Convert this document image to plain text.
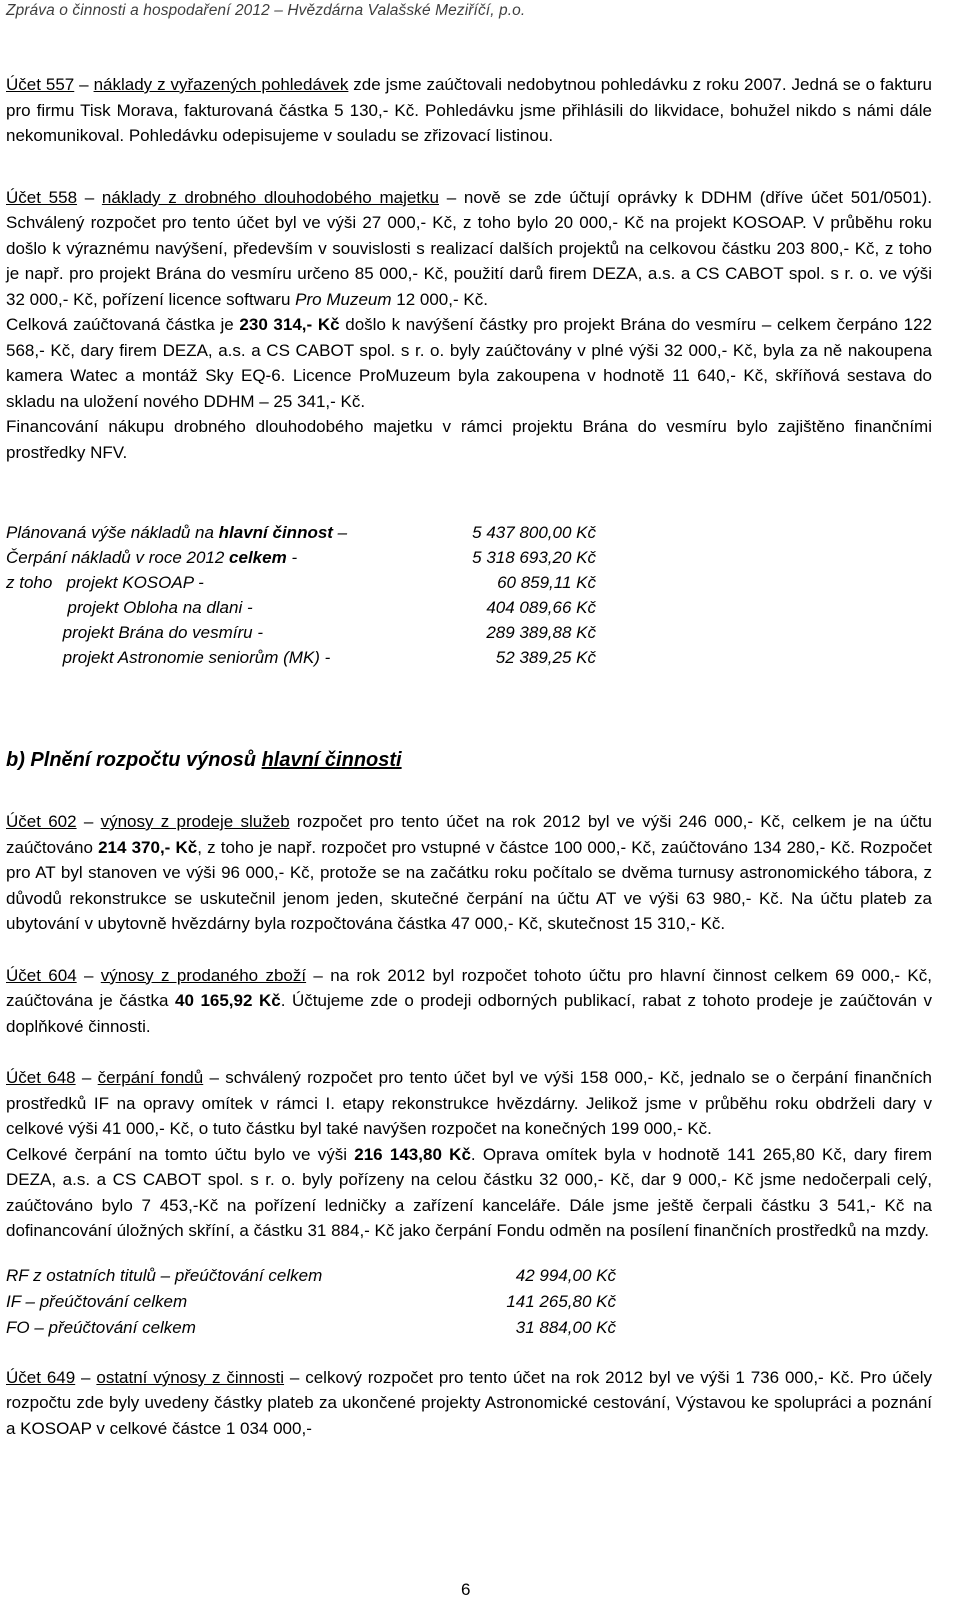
Zpráva o činnosti a hospodaření 2012 – Hvězdárna Valašské Meziříčí, p.o.

Účet 557 – náklady z vyřazených pohledávek zde jsme zaúčtovali nedobytnou pohledávku z roku 2007. Jedná se o fakturu pro firmu Tisk Morava, fakturovaná částka 5 130,- Kč. Pohledávku jsme přihlásili do likvidace, bohužel nikdo s námi dále nekomunikoval. Pohledávku odepisujeme v souladu se zřizovací listinou.

Účet 558 – náklady z drobného dlouhodobého majetku – nově se zde účtují oprávky k DDHM (dříve účet 501/0501). Schválený rozpočet pro tento účet byl ve výši 27 000,- Kč, z toho bylo 20 000,- Kč na projekt KOSOAP. V průběhu roku došlo k výraznému navýšení, především v souvislosti s realizací dalších projektů na celkovou částku 203 800,- Kč, z toho je např. pro projekt Brána do vesmíru určeno 85 000,- Kč, použití darů firem DEZA, a.s. a CS CABOT spol. s r. o. ve výši 32 000,- Kč, pořízení licence softwaru Pro Muzeum 12 000,- Kč.

Celková zaúčtovaná částka je 230 314,- Kč došlo k navýšení částky pro projekt Brána do vesmíru – celkem čerpáno 122 568,- Kč, dary firem DEZA, a.s. a CS CABOT spol. s r. o. byly zaúčtovány v plné výši 32 000,- Kč, byla za ně nakoupena kamera Watec a montáž Sky EQ-6. Licence ProMuzeum byla zakoupena v hodnotě 11 640,- Kč, skříňová sestava do skladu na uložení nového DDHM – 25 341,- Kč.

Financování nákupu drobného dlouhodobého majetku v rámci projektu Brána do vesmíru bylo zajištěno finančními prostředky NFV.

Plánovaná výše nákladů na hlavní činnost –	5 437 800,00 Kč
Čerpání nákladů v roce 2012 celkem -	5 318 693,20 Kč
z toho   projekt KOSOAP -	60 859,11 Kč
projekt Obloha na dlani -	404 089,66 Kč
projekt Brána do vesmíru -	289 389,88 Kč
projekt Astronomie seniorům (MK) -	52 389,25 Kč

b) Plnění rozpočtu výnosů hlavní činnosti

Účet 602 – výnosy z prodeje služeb rozpočet pro tento účet na rok 2012 byl ve výši 246 000,- Kč, celkem je na účtu zaúčtováno 214 370,- Kč, z toho je např. rozpočet pro vstupné v částce 100 000,- Kč, zaúčtováno 134 280,- Kč. Rozpočet pro AT byl stanoven ve výši 96 000,- Kč, protože se na začátku roku počítalo se dvěma turnusy astronomického tábora, z důvodů rekonstrukce se uskutečnil jenom jeden, skutečné čerpání na účtu AT ve výši 63 980,- Kč. Na účtu plateb za ubytování v ubytovně hvězdárny byla rozpočtována částka 47 000,- Kč, skutečnost 15 310,- Kč.

Účet 604 – výnosy z prodaného zboží – na rok 2012 byl rozpočet tohoto účtu pro hlavní činnost celkem 69 000,- Kč, zaúčtována je částka 40 165,92 Kč. Účtujeme zde o prodeji odborných publikací, rabat z tohoto prodeje je zaúčtován v doplňkové činnosti.

Účet 648 – čerpání fondů – schválený rozpočet pro tento účet byl ve výši 158 000,- Kč, jednalo se o čerpání finančních prostředků IF na opravy omítek v rámci I. etapy rekonstrukce hvězdárny. Jelikož jsme v průběhu roku obdrželi dary v celkové výši 41 000,- Kč, o tuto částku byl také navýšen rozpočet na konečných 199 000,- Kč.

Celkové čerpání na tomto účtu bylo ve výši 216 143,80 Kč. Oprava omítek byla v hodnotě 141 265,80 Kč, dary firem DEZA, a.s. a CS CABOT spol. s r. o. byly pořízeny na celou částku 32 000,- Kč, dar 9 000,- Kč jsme nedočerpali celý, zaúčtováno bylo 7 453,-Kč na pořízení ledničky a zařízení kanceláře. Dále jsme ještě čerpali částku 3 541,- Kč na dofinancování úložných skříní, a částku 31 884,- Kč jako čerpání Fondu odměn na posílení finančních prostředků na mzdy.

RF z ostatních titulů – přeúčtování celkem	42 994,00 Kč
IF – přeúčtování celkem	141 265,80 Kč
FO – přeúčtování celkem	31 884,00 Kč

Účet 649 – ostatní výnosy z činnosti – celkový rozpočet pro tento účet na rok 2012 byl ve výši 1 736 000,- Kč. Pro účely rozpočtu zde byly uvedeny částky plateb za ukončené projekty Astronomické cestování, Výstavou ke spolupráci a poznání a KOSOAP v celkové částce 1 034 000,-

6
